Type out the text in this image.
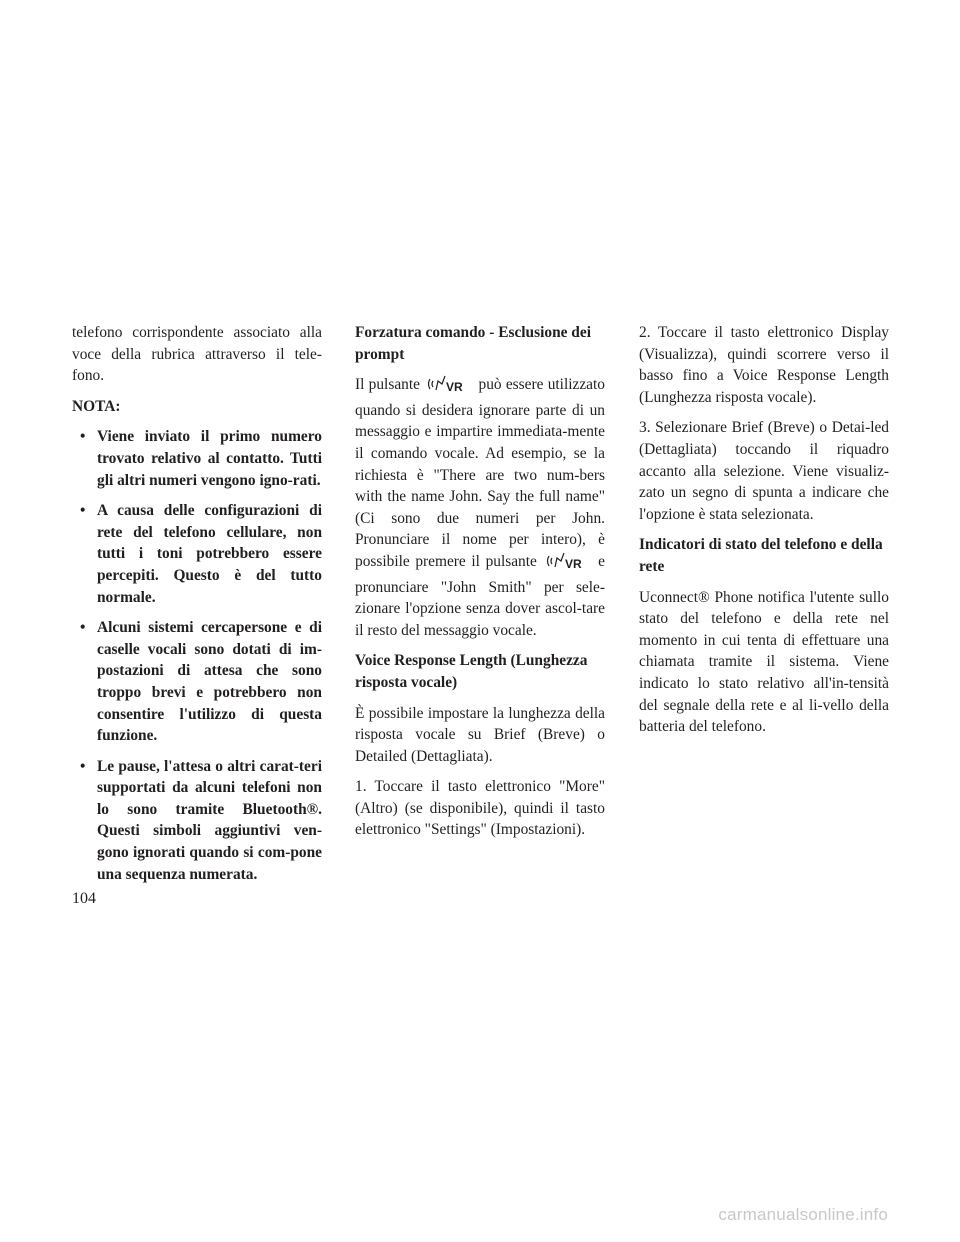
telefono corrispondente associato alla voce della rubrica attraverso il tele-fono.

NOTA:

• Viene inviato il primo numero trovato relativo al contatto. Tutti gli altri numeri vengono igno-rati.
• A causa delle configurazioni di rete del telefono cellulare, non tutti i toni potrebbero essere percepiti. Questo è del tutto normale.
• Alcuni sistemi cercapersone e di caselle vocali sono dotati di im-postazioni di attesa che sono troppo brevi e potrebbero non consentire l'utilizzo di questa funzione.
• Le pause, l'attesa o altri carat-teri supportati da alcuni telefoni non lo sono tramite Bluetooth®. Questi simboli aggiuntivi ven-gono ignorati quando si com-pone una sequenza numerata.
Forzatura comando - Esclusione dei prompt

Il pulsante VR può essere utilizzato quando si desidera ignorare parte di un messaggio e impartire immediata-mente il comando vocale. Ad esempio, se la richiesta è "There are two num-bers with the name John. Say the full name" (Ci sono due numeri per John. Pronunciare il nome per intero), è possibile premere il pulsante VR e pronunciare "John Smith" per sele-zionare l'opzione senza dover ascol-tare il resto del messaggio vocale.

Voice Response Length (Lunghezza risposta vocale)

È possibile impostare la lunghezza della risposta vocale su Brief (Breve) o Detailed (Dettagliata).

1. Toccare il tasto elettronico "More" (Altro) (se disponibile), quindi il tasto elettronico "Settings" (Impostazioni).

2. Toccare il tasto elettronico Display (Visualizza), quindi scorrere verso il basso fino a Voice Response Length (Lunghezza risposta vocale).

3. Selezionare Brief (Breve) o Detai-led (Dettagliata) toccando il riquadro accanto alla selezione. Viene visualiz-zato un segno di spunta a indicare che l'opzione è stata selezionata.

Indicatori di stato del telefono e della rete

Uconnect® Phone notifica l'utente sullo stato del telefono e della rete nel momento in cui tenta di effettuare una chiamata tramite il sistema. Viene indicato lo stato relativo all'in-tensità del segnale della rete e al li-vello della batteria del telefono.

104
carmanualsonline.info
